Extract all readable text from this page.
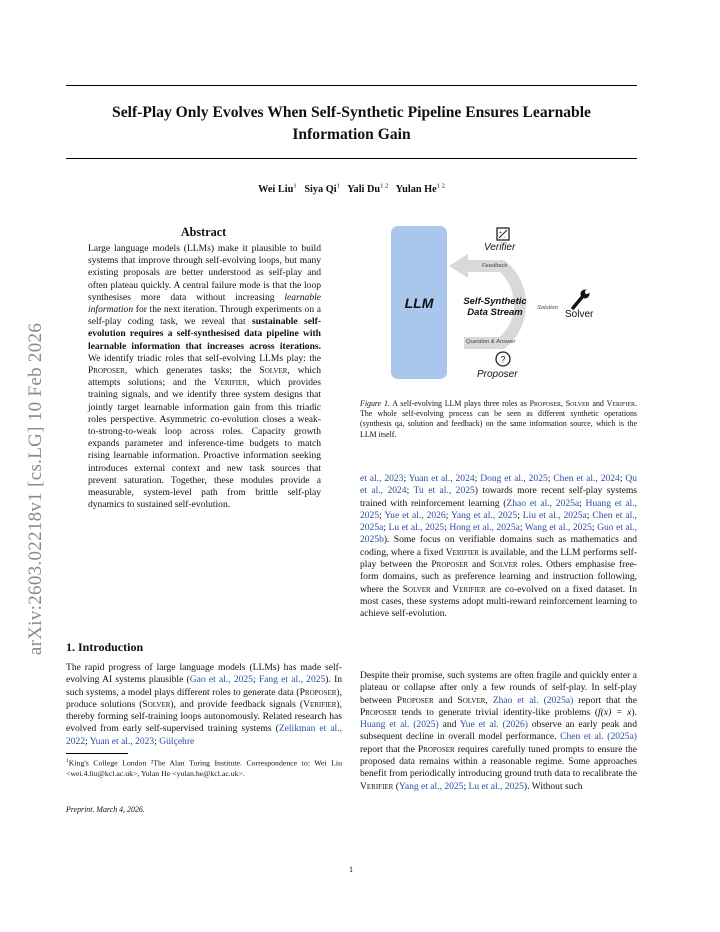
arXiv:2603.02218v1 [cs.LG] 10 Feb 2026
Self-Play Only Evolves When Self-Synthetic Pipeline Ensures Learnable
Information Gain
Wei Liu$^1$ Siya Qi$^1$ Yali $Du^{1 2}$ Yulan $He^{1 2}$
Abstract
Large language models (LLMs) make it plausible to build systems that improve through self-evolving loops, but many existing proposals are better understood as self-play and often plateau quickly. A central failure mode is that the loop synthesises more data without increasing learnable information for the next iteration. Through experiments on a self-play coding task, we reveal that sustainable self-evolution requires a self-synthesised data pipeline with learnable information that increases across iterations. We identify triadic roles that self-evolving LLMs play: the Proposer, which generates tasks; the Solver, which attempts solutions; and the Verifier, which provides training signals, and we identify three system designs that jointly target learnable information gain from this triadic roles perspective. Asymmetric co-evolution closes a weak-to-strong-to-weak loop across roles. Capacity growth expands parameter and inference-time budgets to match rising learnable information. Proactive information seeking introduces external context and new task sources that prevent saturation. Together, these modules provide a measurable, system-level path from brittle self-play dynamics to sustained self-evolution.
1. Introduction
The rapid progress of large language models (LLMs) has made self-evolving AI systems plausible (Gao et al., 2025; Fang et al., 2025). In such systems, a model plays different roles to generate data (Proposer), produce solutions (Solver), and provide feedback signals (Verifier), thereby forming self-training loops autonomously. Related research has evolved from early self-supervised training systems (Zelikman et al., 2022; Yuan et al., 2023; Gülçehre
$^1$King's College London ²The Alan Turing Institute. Correspondence to: Wei Liu <wei.4.liu@kcl.ac.uk>, Yulan He <yulan.he@kcl.ac.uk>.
Preprint. March 4, 2026.
+
-
?
LLM	Self-Synthetic
Data Stream
Verifier
Solver
Proposer
Feedback
Solution
Question & Answer
Figure 1. A self-evolving LLM plays three roles as Proposer, Solver and Verifier. The whole self-evolving process can be seen as different synthetic operations (synthesis qa, solution and feedback) on the same information source, which is the LLM itself.
et al., 2023; Yuan et al., 2024; Dong et al., 2025; Chen et al., 2024; Qu et al., 2024; Tu et al., 2025) towards more recent self-play systems trained with reinforcement learning (Zhao et al., 2025a; Huang et al., 2025; Yue et al., 2026; Yang et al., 2025; Liu et al., 2025a; Chen et al., 2025a; Lu et al., 2025; Hong et al., 2025a; Wang et al., 2025; Guo et al., 2025b). Some focus on verifiable domains such as mathematics and coding, where a fixed Verifier is available, and the LLM performs self-play between the Proposer and Solver roles. Others emphasise free-form domains, such as preference learning and instruction following, where the Solver and Verifier are co-evolved on a fixed dataset. In most cases, these systems adopt multi-reward reinforcement learning to achieve self-evolution.
Despite their promise, such systems are often fragile and quickly enter a plateau or collapse after only a few rounds of self-play. In self-play between Proposer and Solver, Zhao et al. (2025a) report that the Proposer tends to generate trivial identity-like problems (f(x) = x). Huang et al. (2025) and Yue et al. (2026) observe an early peak and subsequent decline in overall model performance. Chen et al. (2025a) report that the Proposer requires carefully tuned prompts to ensure the proposed data remains within a reasonable regime. Some approaches benefit from periodically introducing ground truth data to recalibrate the Verifier (Yang et al., 2025; Lu et al., 2025). Without such
1
